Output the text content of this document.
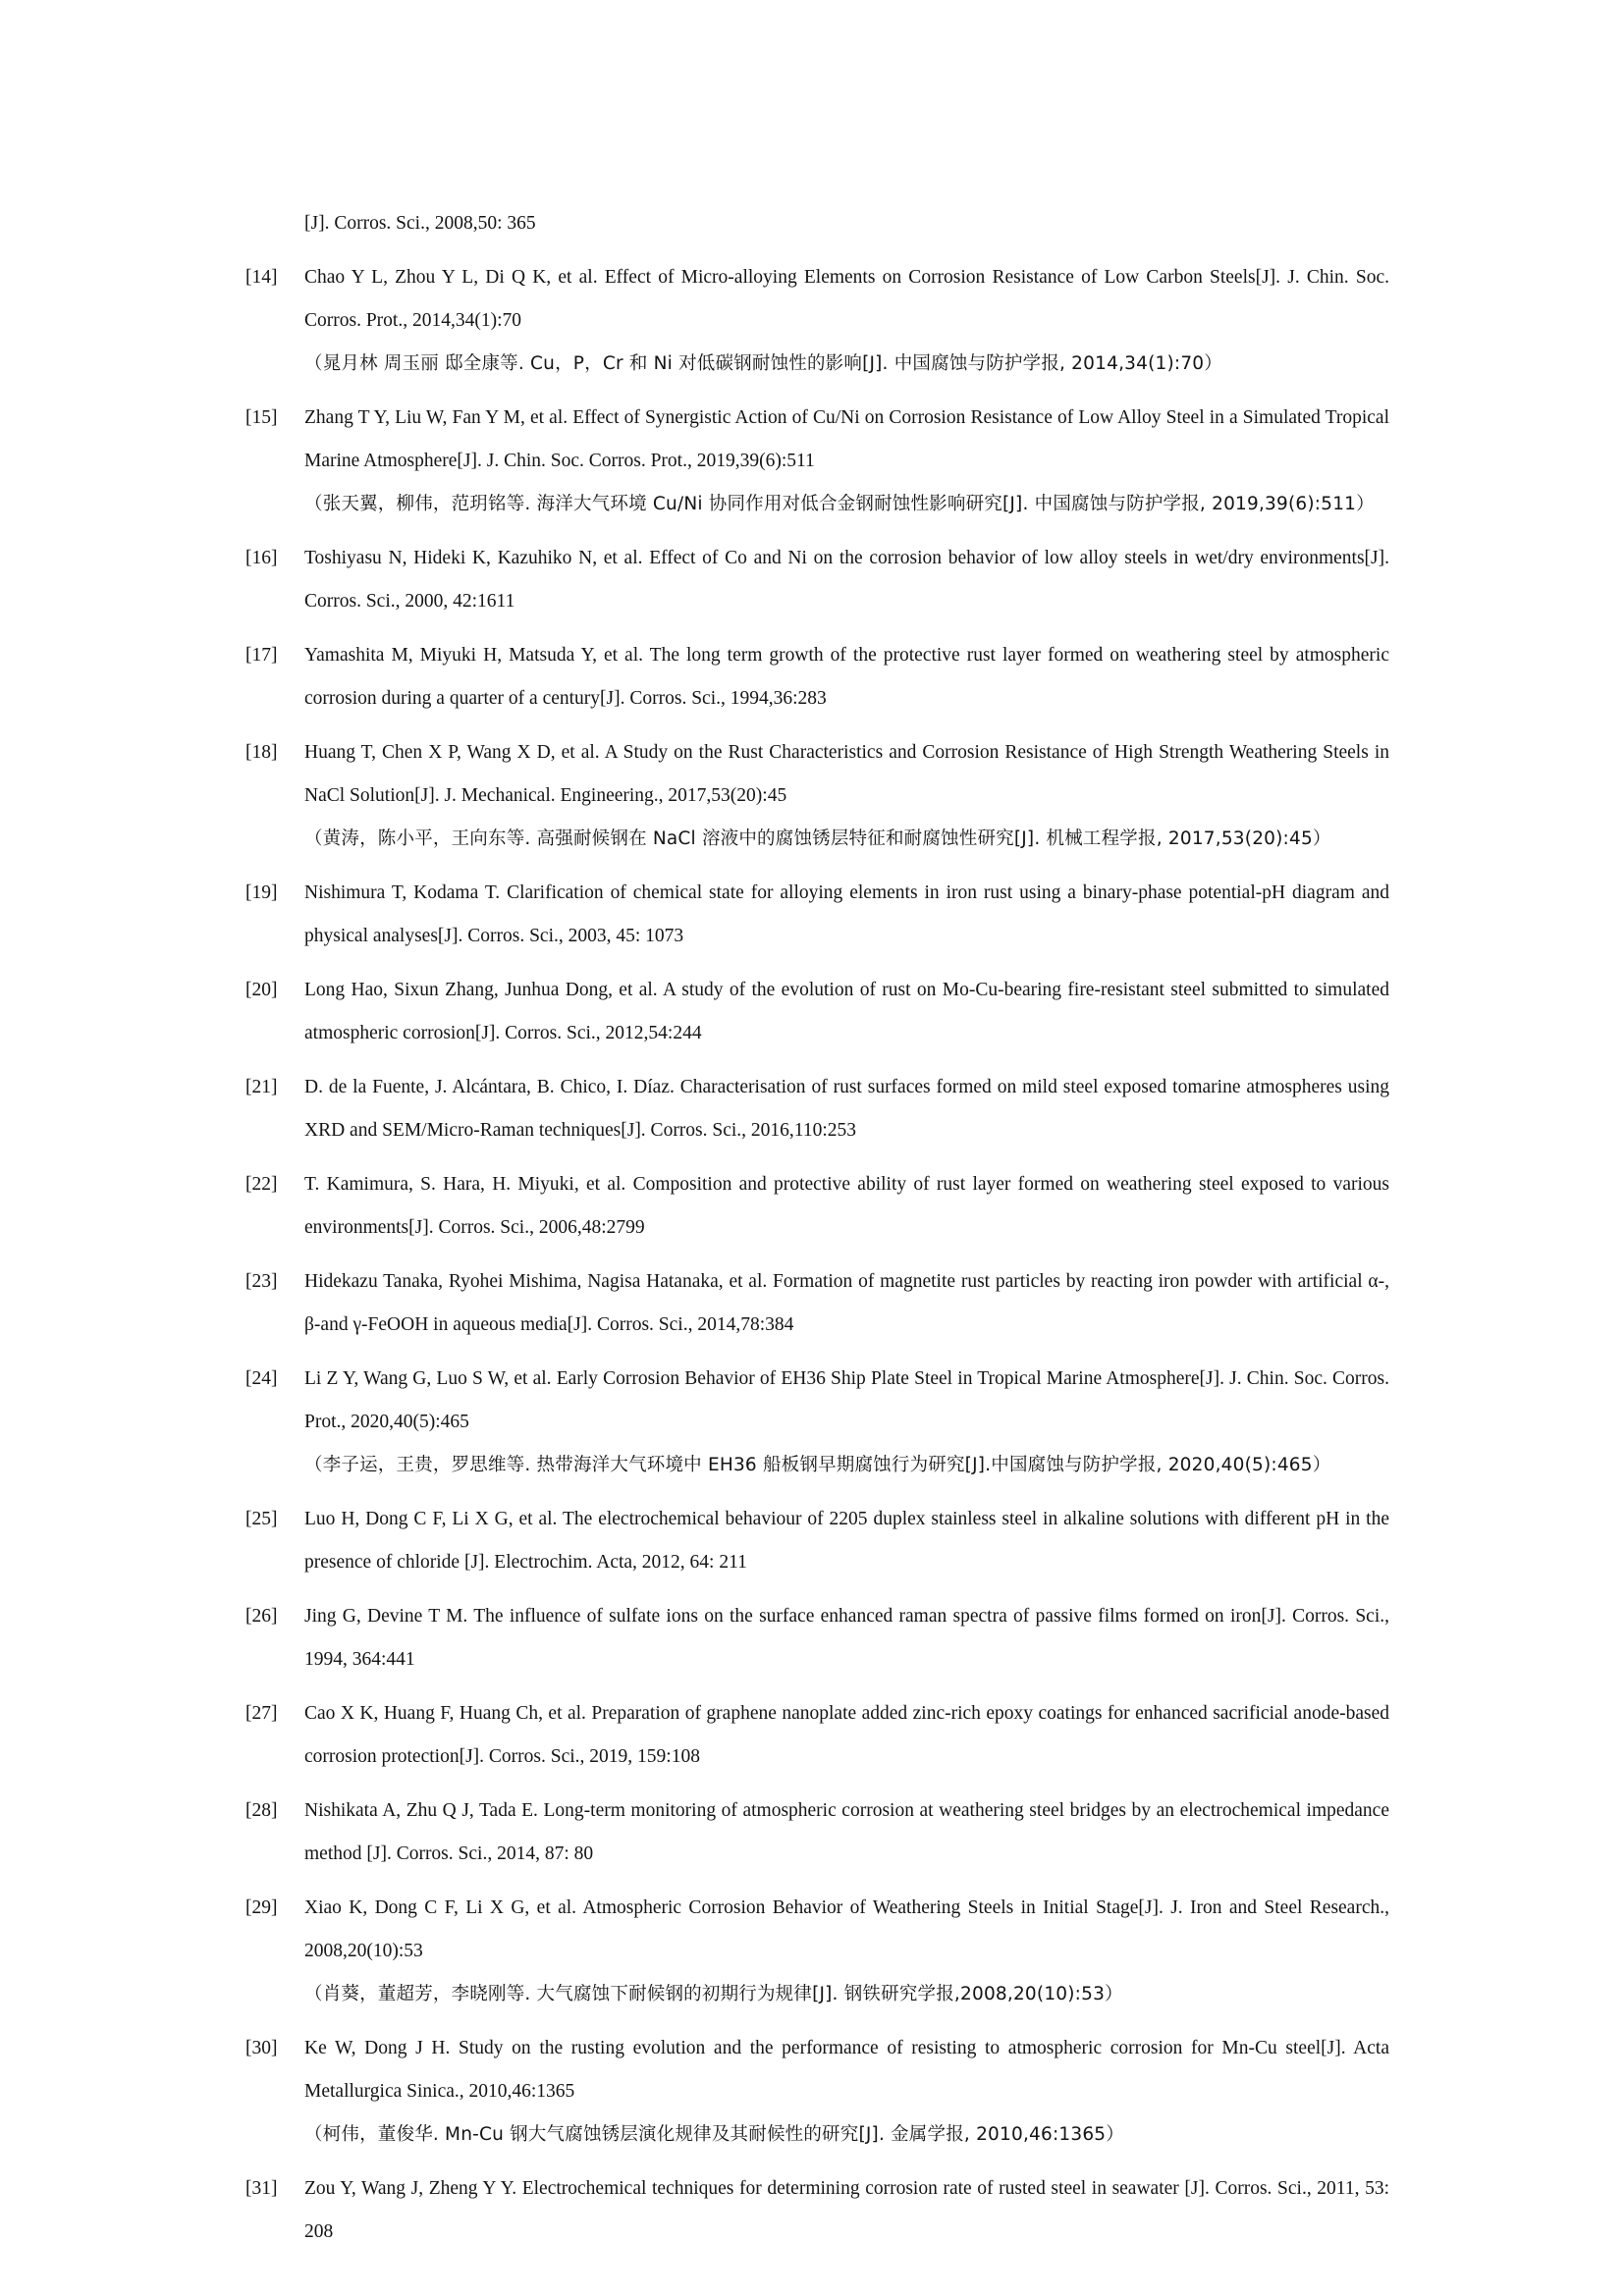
[J]. Corros. Sci., 2008,50: 365
[14] Chao Y L, Zhou Y L, Di Q K, et al. Effect of Micro-alloying Elements on Corrosion Resistance of Low Carbon Steels[J]. J. Chin. Soc. Corros. Prot., 2014,34(1):70
（晁月林 周玉丽 邸全康等. Cu，P，Cr 和 Ni 对低碳钢耐蚀性的影响[J]. 中国腐蚀与防护学报, 2014,34(1):70）
[15] Zhang T Y, Liu W, Fan Y M, et al. Effect of Synergistic Action of Cu/Ni on Corrosion Resistance of Low Alloy Steel in a Simulated Tropical Marine Atmosphere[J]. J. Chin. Soc. Corros. Prot., 2019,39(6):511
（张天翼，柳伟，范玥铭等. 海洋大气环境 Cu/Ni 协同作用对低合金钢耐蚀性影响研究[J]. 中国腐蚀与防护学报, 2019,39(6):511）
[16] Toshiyasu N, Hideki K, Kazuhiko N, et al. Effect of Co and Ni on the corrosion behavior of low alloy steels in wet/dry environments[J]. Corros. Sci., 2000, 42:1611
[17] Yamashita M, Miyuki H, Matsuda Y, et al. The long term growth of the protective rust layer formed on weathering steel by atmospheric corrosion during a quarter of a century[J]. Corros. Sci., 1994,36:283
[18] Huang T, Chen X P, Wang X D, et al. A Study on the Rust Characteristics and Corrosion Resistance of High Strength Weathering Steels in NaCl Solution[J]. J. Mechanical. Engineering., 2017,53(20):45
（黄涛，陈小平，王向东等. 高强耐候钢在 NaCl 溶液中的腐蚀锈层特征和耐腐蚀性研究[J]. 机械工程学报, 2017,53(20):45）
[19] Nishimura T, Kodama T. Clarification of chemical state for alloying elements in iron rust using a binary-phase potential-pH diagram and physical analyses[J]. Corros. Sci., 2003, 45: 1073
[20] Long Hao, Sixun Zhang, Junhua Dong, et al. A study of the evolution of rust on Mo-Cu-bearing fire-resistant steel submitted to simulated atmospheric corrosion[J]. Corros. Sci., 2012,54:244
[21] D. de la Fuente, J. Alcántara, B. Chico, I. Díaz. Characterisation of rust surfaces formed on mild steel exposed tomarine atmospheres using XRD and SEM/Micro-Raman techniques[J]. Corros. Sci., 2016,110:253
[22] T. Kamimura, S. Hara, H. Miyuki, et al. Composition and protective ability of rust layer formed on weathering steel exposed to various environments[J]. Corros. Sci., 2006,48:2799
[23] Hidekazu Tanaka, Ryohei Mishima, Nagisa Hatanaka, et al. Formation of magnetite rust particles by reacting iron powder with artificial α-, β-and γ-FeOOH in aqueous media[J]. Corros. Sci., 2014,78:384
[24] Li Z Y, Wang G, Luo S W, et al. Early Corrosion Behavior of EH36 Ship Plate Steel in Tropical Marine Atmosphere[J]. J. Chin. Soc. Corros. Prot., 2020,40(5):465
（李子运，王贵，罗思维等. 热带海洋大气环境中 EH36 船板钢早期腐蚀行为研究[J].中国腐蚀与防护学报, 2020,40(5):465）
[25] Luo H, Dong C F, Li X G, et al. The electrochemical behaviour of 2205 duplex stainless steel in alkaline solutions with different pH in the presence of chloride [J]. Electrochim. Acta, 2012, 64: 211
[26] Jing G, Devine T M. The influence of sulfate ions on the surface enhanced raman spectra of passive films formed on iron[J]. Corros. Sci., 1994, 364:441
[27] Cao X K, Huang F, Huang Ch, et al. Preparation of graphene nanoplate added zinc-rich epoxy coatings for enhanced sacrificial anode-based corrosion protection[J]. Corros. Sci., 2019, 159:108
[28] Nishikata A, Zhu Q J, Tada E. Long-term monitoring of atmospheric corrosion at weathering steel bridges by an electrochemical impedance method [J]. Corros. Sci., 2014, 87: 80
[29] Xiao K, Dong C F, Li X G, et al. Atmospheric Corrosion Behavior of Weathering Steels in Initial Stage[J]. J. Iron and Steel Research., 2008,20(10):53
（肖葵，董超芳，李晓刚等. 大气腐蚀下耐候钢的初期行为规律[J]. 钢铁研究学报,2008,20(10):53）
[30] Ke W, Dong J H. Study on the rusting evolution and the performance of resisting to atmospheric corrosion for Mn-Cu steel[J]. Acta Metallurgica Sinica., 2010,46:1365
（柯伟，董俊华. Mn-Cu 钢大气腐蚀锈层演化规律及其耐候性的研究[J]. 金属学报, 2010,46:1365）
[31] Zou Y, Wang J, Zheng Y Y. Electrochemical techniques for determining corrosion rate of rusted steel in seawater [J]. Corros. Sci., 2011, 53: 208
